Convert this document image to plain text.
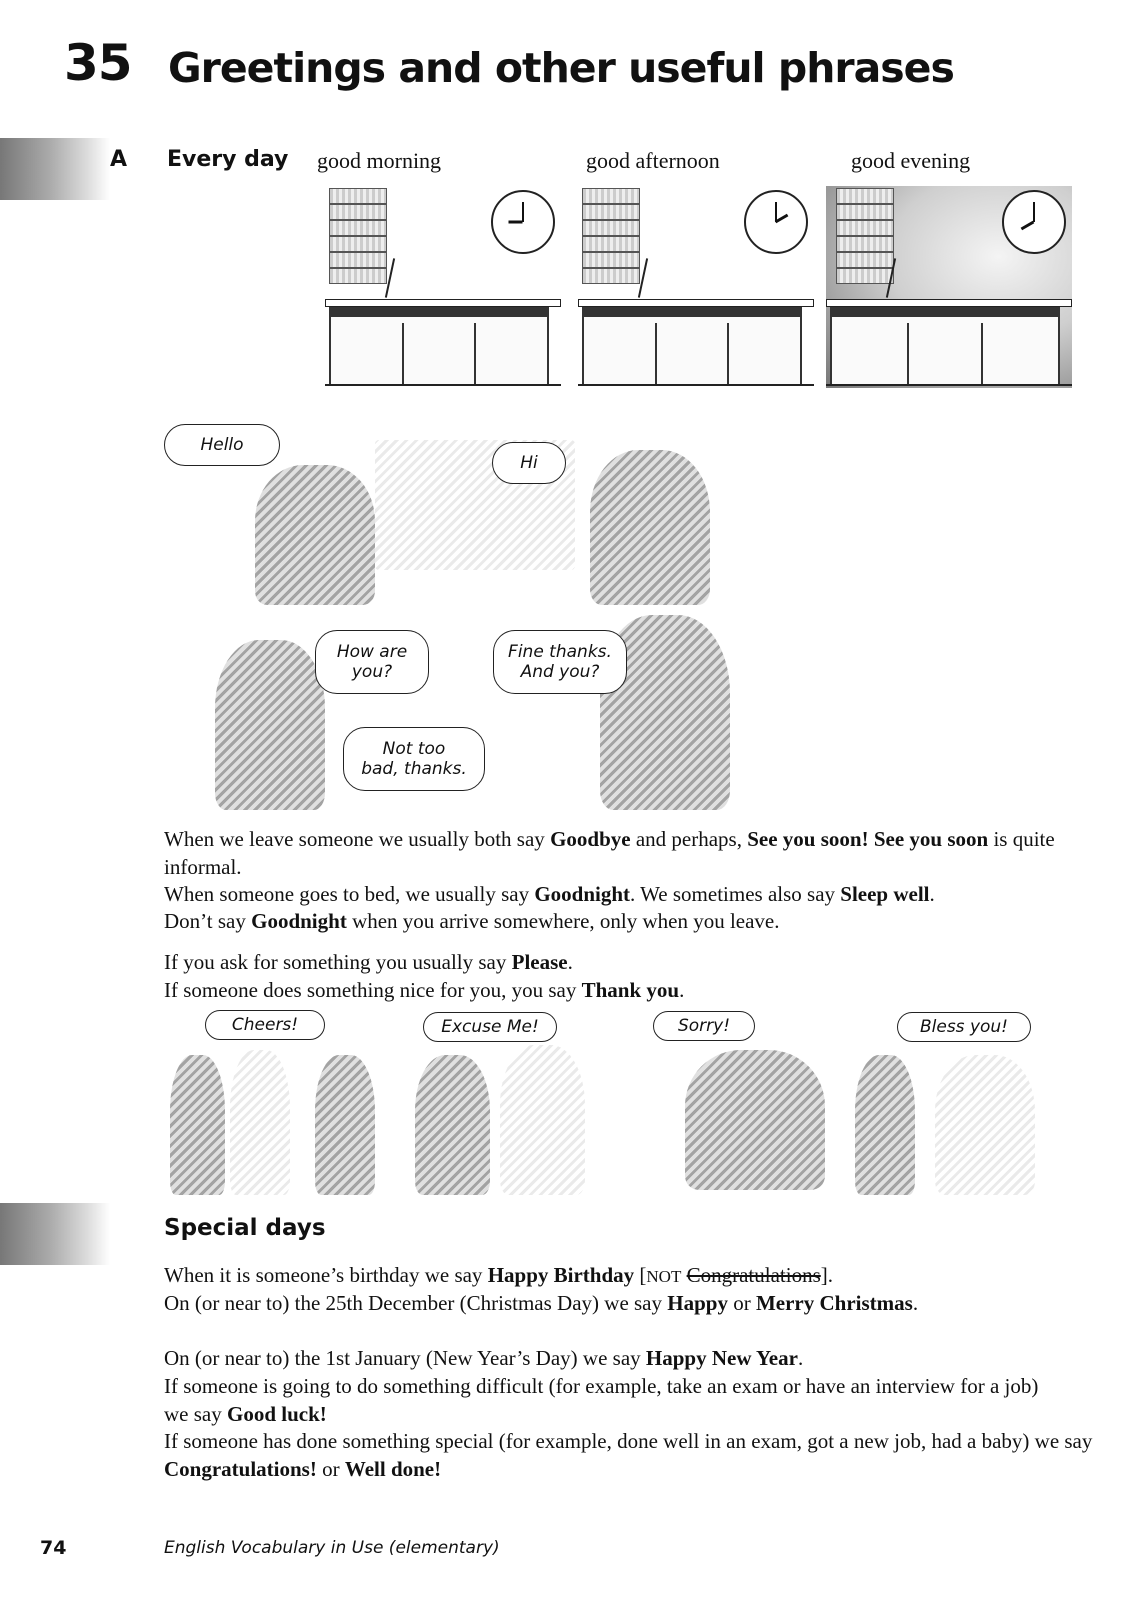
35 Greetings and other useful phrases
A Every day good morning	good afternoon	good evening
Hello
Hi
How are
you?
Fine thanks.
And you?
Not too
bad, thanks.
When we leave someone we usually both say Goodbye and perhaps, See you soon! See you soon is quite informal.
When someone goes to bed, we usually say Goodnight. We sometimes also say Sleep well.
Don’t say Goodnight when you arrive somewhere, only when you leave.
If you ask for something you usually say Please.
If someone does something nice for you, you say Thank you.
Cheers!	Excuse Me!	Sorry!	Bless you!
Special days
When it is someone’s birthday we say Happy Birthday [NOT Congratulations].
On (or near to) the 25th December (Christmas Day) we say Happy or Merry Christmas.
On (or near to) the 1st January (New Year’s Day) we say Happy New Year.
If someone is going to do something difficult (for example, take an exam or have an interview for a job) we say Good luck!
If someone has done something special (for example, done well in an exam, got a new job, had a baby) we say Congratulations! or Well done!
74	English Vocabulary in Use (elementary)
